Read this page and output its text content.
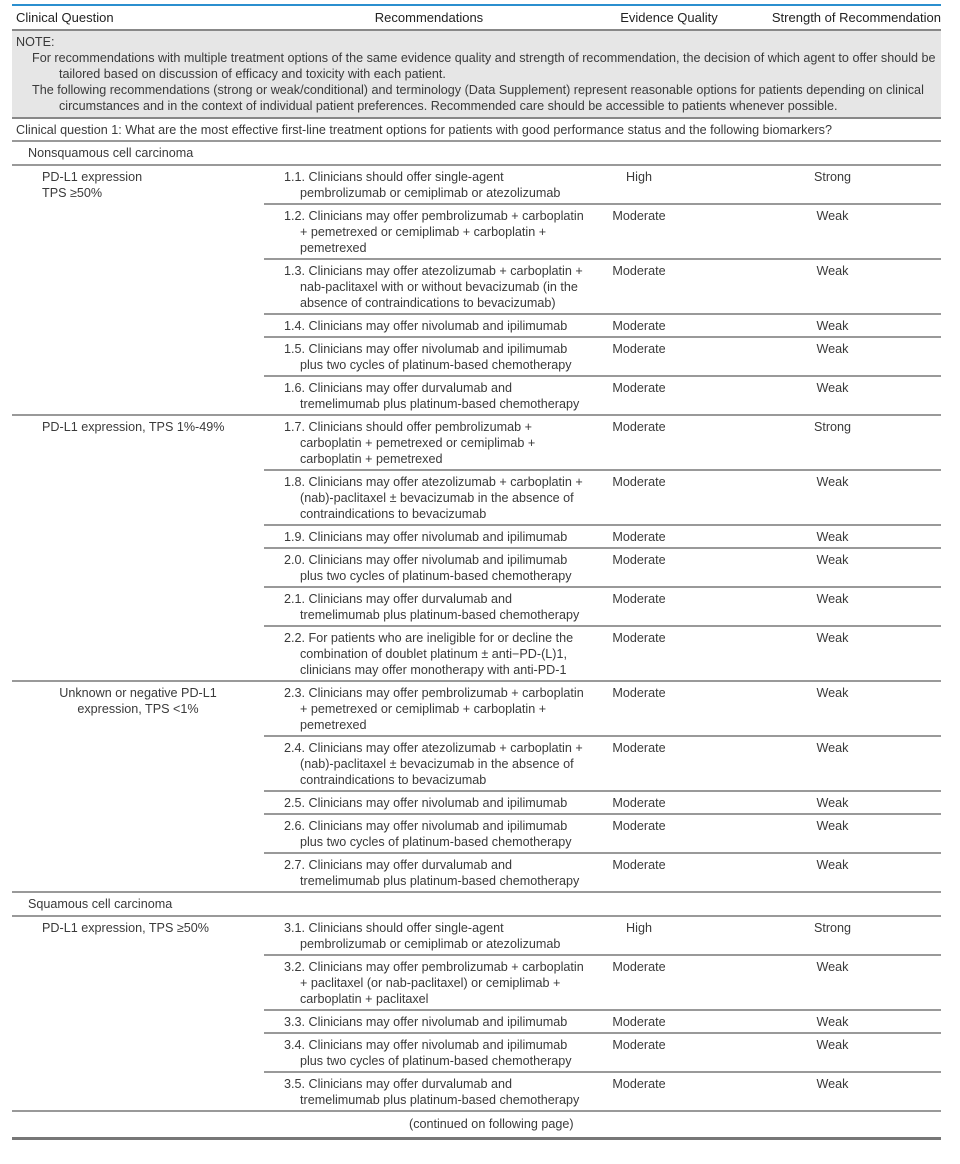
Clinical Question	Recommendations	Evidence Quality	Strength of Recommendation

NOTE:

For recommendations with multiple treatment options of the same evidence quality and strength of recommendation, the decision of which agent to offer should be tailored based on discussion of efficacy and toxicity with each patient.

The following recommendations (strong or weak/conditional) and terminology (Data Supplement) represent reasonable options for patients depending on clinical circumstances and in the context of individual patient preferences. Recommended care should be accessible to patients whenever possible.			

Clinical question 1: What are the most effective first-line treatment options for patients with good performance status and the following biomarkers?			
Nonsquamous cell carcinoma			
PD-L1 expression
TPS ≥50%	1.1. Clinicians should offer single-agent pembrolizumab or cemiplimab or atezolizumab	High	Strong

	1.2. Clinicians may offer pembrolizumab + carboplatin + pemetrexed or cemiplimab + carboplatin + pemetrexed	Moderate	Weak

	1.3. Clinicians may offer atezolizumab + carboplatin + nab-paclitaxel with or without bevacizumab (in the absence of contraindications to bevacizumab)	Moderate	Weak

	1.4. Clinicians may offer nivolumab and ipilimumab	Moderate	Weak

	1.5. Clinicians may offer nivolumab and ipilimumab plus two cycles of platinum-based chemotherapy	Moderate	Weak

	1.6. Clinicians may offer durvalumab and tremelimumab plus platinum-based chemotherapy	Moderate	Weak
PD-L1 expression, TPS 1%-49%	1.7. Clinicians should offer pembrolizumab + carboplatin + pemetrexed or cemiplimab + carboplatin + pemetrexed	Moderate	Strong

	1.8. Clinicians may offer atezolizumab + carboplatin + (nab)-paclitaxel ± bevacizumab in the absence of contraindications to bevacizumab	Moderate	Weak

	1.9. Clinicians may offer nivolumab and ipilimumab	Moderate	Weak

	2.0. Clinicians may offer nivolumab and ipilimumab plus two cycles of platinum-based chemotherapy	Moderate	Weak

	2.1. Clinicians may offer durvalumab and tremelimumab plus platinum-based chemotherapy	Moderate	Weak

	2.2. For patients who are ineligible for or decline the combination of doublet platinum ± anti−PD-(L)1, clinicians may offer monotherapy with anti-PD-1	Moderate	Weak
Unknown or negative PD-L1 expression, TPS <1%	2.3. Clinicians may offer pembrolizumab + carboplatin + pemetrexed or cemiplimab + carboplatin + pemetrexed	Moderate	Weak

	2.4. Clinicians may offer atezolizumab + carboplatin + (nab)-paclitaxel ± bevacizumab in the absence of contraindications to bevacizumab	Moderate	Weak

	2.5. Clinicians may offer nivolumab and ipilimumab	Moderate	Weak

	2.6. Clinicians may offer nivolumab and ipilimumab plus two cycles of platinum-based chemotherapy	Moderate	Weak

	2.7. Clinicians may offer durvalumab and tremelimumab plus platinum-based chemotherapy	Moderate	Weak
Squamous cell carcinoma			
PD-L1 expression, TPS ≥50%	3.1. Clinicians should offer single-agent pembrolizumab or cemiplimab or atezolizumab	High	Strong

	3.2. Clinicians may offer pembrolizumab + carboplatin + paclitaxel (or nab-paclitaxel) or cemiplimab + carboplatin + paclitaxel	Moderate	Weak

	3.3. Clinicians may offer nivolumab and ipilimumab	Moderate	Weak

	3.4. Clinicians may offer nivolumab and ipilimumab plus two cycles of platinum-based chemotherapy	Moderate	Weak

	3.5. Clinicians may offer durvalumab and tremelimumab plus platinum-based chemotherapy	Moderate	Weak
	(continued on following page)		
